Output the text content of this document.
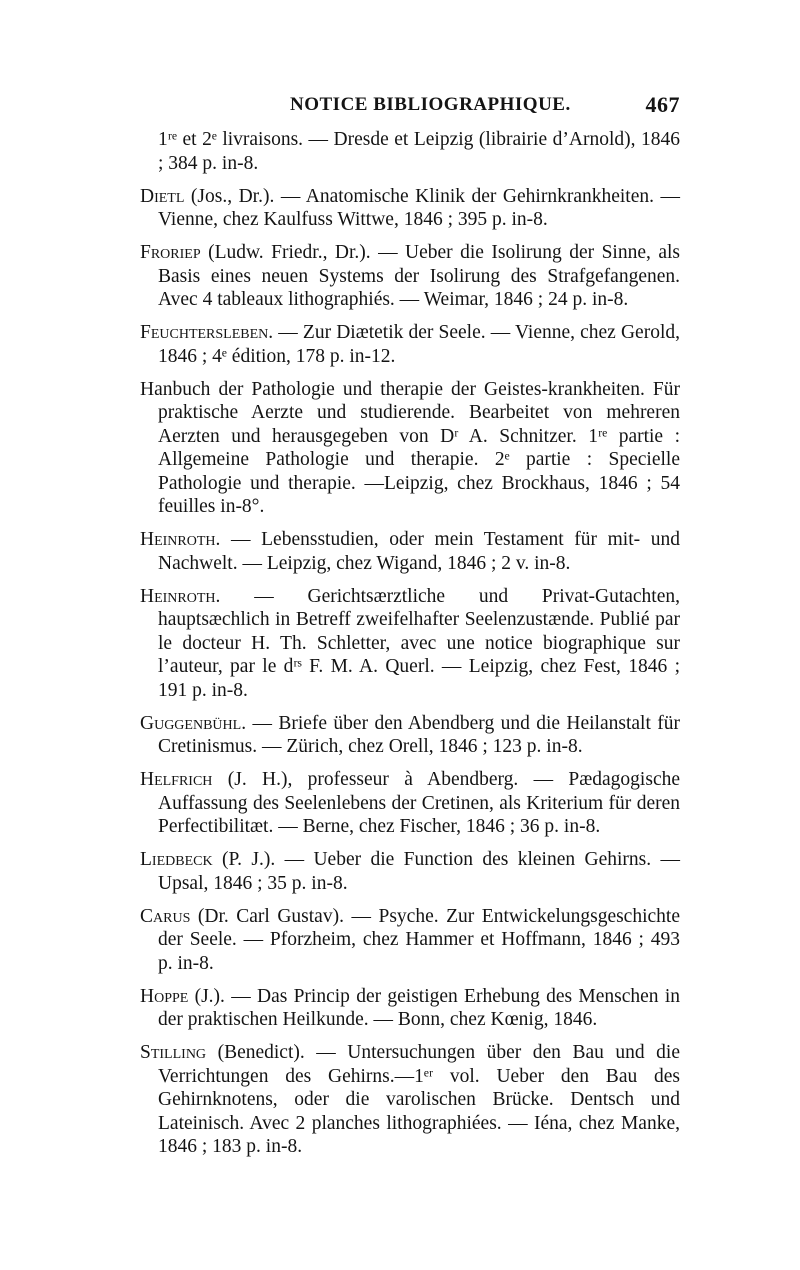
NOTICE BIBLIOGRAPHIQUE.	467

1ʳᵉ et 2ᵉ livraisons. — Dresde et Leipzig (librairie d’Arnold), 1846 ; 384 p. in-8.

Dietl (Jos., Dr.). — Anatomische Klinik der Gehirnkrankheiten. — Vienne, chez Kaulfuss Wittwe, 1846 ; 395 p. in-8.

Froriep (Ludw. Friedr., Dr.). — Ueber die Isolirung der Sinne, als Basis eines neuen Systems der Isolirung des Strafgefangenen. Avec 4 tableaux lithographiés. — Weimar, 1846 ; 24 p. in-8.

Feuchtersleben. — Zur Diætetik der Seele. — Vienne, chez Gerold, 1846 ; 4ᵉ édition, 178 p. in-12.

Hanbuch der Pathologie und therapie der Geistes-krankheiten. Für praktische Aerzte und studierende. Bearbeitet von mehreren Aerzten und herausgegeben von Dʳ A. Schnitzer. 1ʳᵉ partie : Allgemeine Pathologie und therapie. 2ᵉ partie : Specielle Pathologie und therapie. —Leipzig, chez Brockhaus, 1846 ; 54 feuilles in-8°.

Heinroth. — Lebensstudien, oder mein Testament für mit- und Nachwelt. — Leipzig, chez Wigand, 1846 ; 2 v. in-8.

Heinroth. — Gerichtsærztliche und Privat-Gutachten, hauptsæchlich in Betreff zweifelhafter Seelenzustænde. Publié par le docteur H. Th. Schletter, avec une notice biographique sur l’auteur, par le dʳˢ F. M. A. Querl. — Leipzig, chez Fest, 1846 ; 191 p. in-8.

Guggenbühl. — Briefe über den Abendberg und die Heilanstalt für Cretinismus. — Zürich, chez Orell, 1846 ; 123 p. in-8.

Helfrich (J. H.), professeur à Abendberg. — Pædagogische Auffassung des Seelenlebens der Cretinen, als Kriterium für deren Perfectibilitæt. — Berne, chez Fischer, 1846 ; 36 p. in-8.

Liedbeck (P. J.). — Ueber die Function des kleinen Gehirns. — Upsal, 1846 ; 35 p. in-8.

Carus (Dr. Carl Gustav). — Psyche. Zur Entwickelungsgeschichte der Seele. — Pforzheim, chez Hammer et Hoffmann, 1846 ; 493 p. in-8.

Hoppe (J.). — Das Princip der geistigen Erhebung des Menschen in der praktischen Heilkunde. — Bonn, chez Kœnig, 1846.

Stilling (Benedict). — Untersuchungen über den Bau und die Verrichtungen des Gehirns.—1ᵉʳ vol. Ueber den Bau des Gehirnknotens, oder die varolischen Brücke. Dentsch und Lateinisch. Avec 2 planches lithographiées. — Iéna, chez Manke, 1846 ; 183 p. in-8.
